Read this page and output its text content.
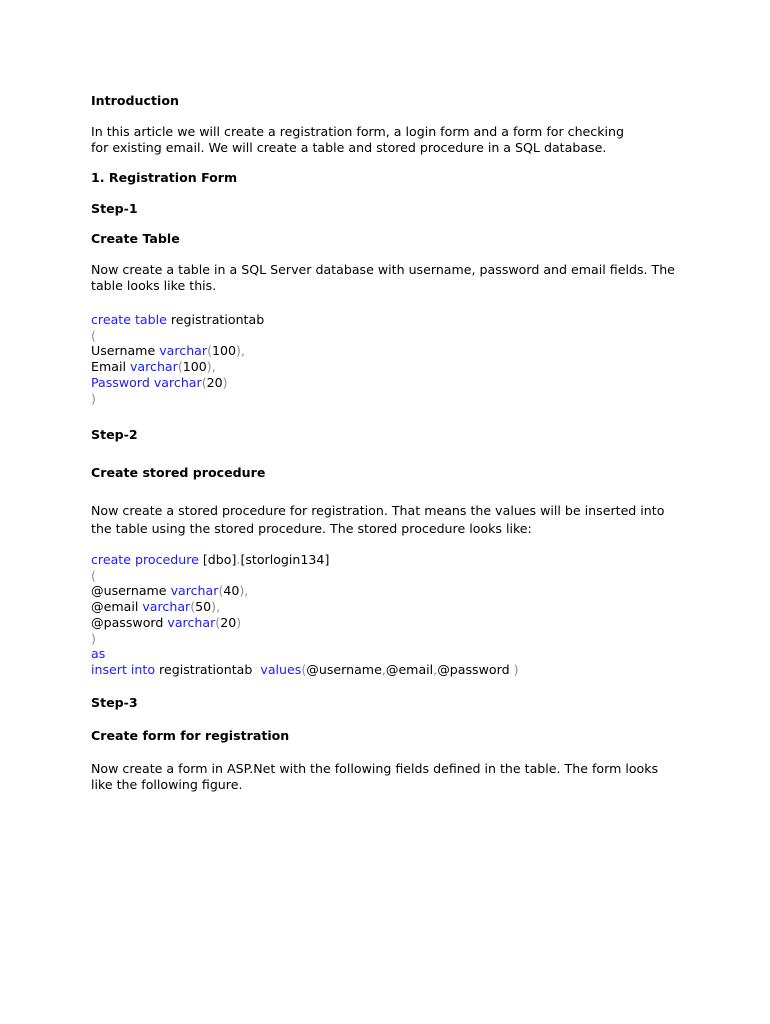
Introduction

In this article we will create a registration form, a login form and a form for checking

for existing email. We will create a table and stored procedure in a SQL database.

1. Registration Form

Step-1

Create Table

Now create a table in a SQL Server database with username, password and email fields. The

table looks like this.

create table registrationtab

(

Username varchar(100),

Email varchar(100),

Password varchar(20)

)

Step-2

Create stored procedure

Now create a stored procedure for registration. That means the values will be inserted into

the table using the stored procedure. The stored procedure looks like:

create procedure [dbo].[storlogin134]

(

@username varchar(40),

@email varchar(50),

@password varchar(20)

)

as

insert into registrationtab  values(@username,@email,@password )

Step-3

Create form for registration

Now create a form in ASP.Net with the following fields defined in the table. The form looks

like the following figure.
